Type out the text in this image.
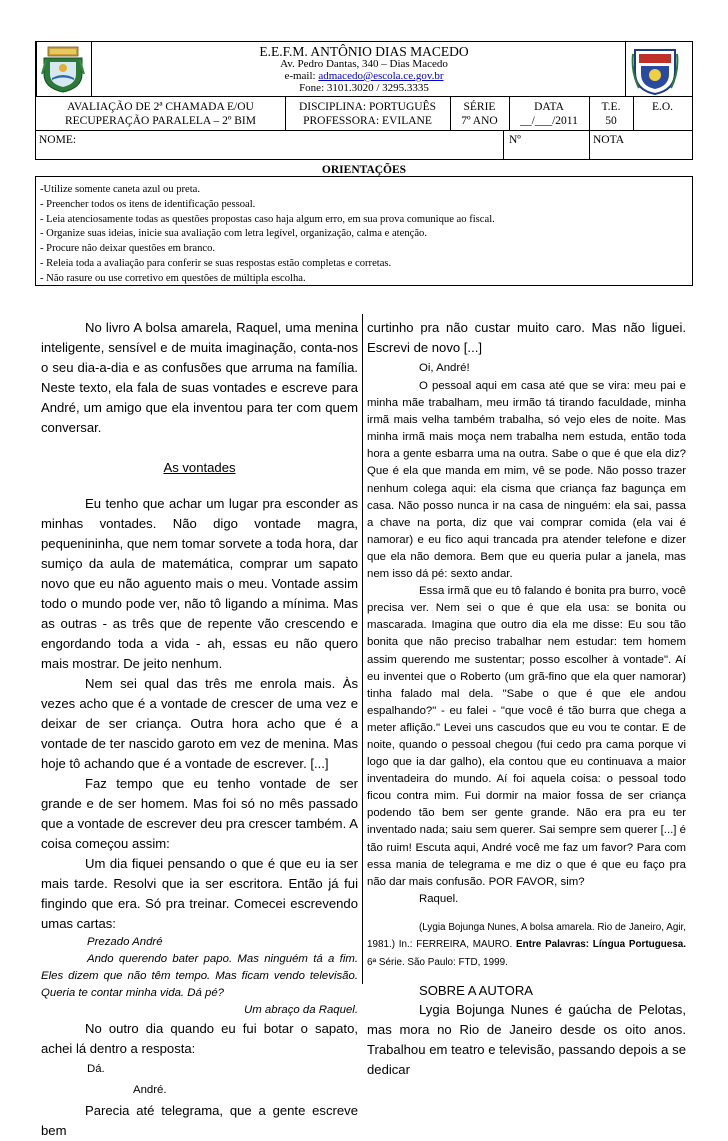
E.E.F.M. ANTÔNIO DIAS MACEDO
Av. Pedro Dantas, 340 – Dias Macedo
e-mail: admacedo@escola.ce.gov.br
Fone: 3101.3020 / 3295.3335
AVALIAÇÃO DE 2ª CHAMADA E/OU
RECUPERAÇÃO PARALELA – 2º BIM
DISCIPLINA: PORTUGUÊS
PROFESSORA: EVILANE
SÉRIE
7º ANO
DATA
__/___/2011
T.E.
50
E.O.
NOME:	Nº	NOTA
ORIENTAÇÕES
-Utilize somente caneta azul ou preta.
- Preencher todos os itens de identificação pessoal.
- Leia atenciosamente todas as questões propostas caso haja algum erro, em sua prova comunique ao fiscal.
- Organize suas ideias, inicie sua avaliação com letra legível, organização, calma e atenção.
- Procure não deixar questões em branco.
- Releia toda a avaliação para conferir se suas respostas estão completas e corretas.
- Não rasure ou use corretivo em questões de múltipla escolha.

No livro A bolsa amarela, Raquel, uma menina inteligente, sensível e de muita imaginação, conta-nos o seu dia-a-dia e as confusões que arruma na família. Neste texto, ela fala de suas vontades e escreve para André, um amigo que ela inventou para ter com quem conversar.

As vontades

Eu tenho que achar um lugar pra esconder as minhas vontades. Não digo vontade magra, pequenininha, que nem tomar sorvete a toda hora, dar sumiço da aula de matemática, comprar um sapato novo que eu não aguento mais o meu. Vontade assim todo o mundo pode ver, não tô ligando a mínima. Mas as outras - as três que de repente vão crescendo e engordando toda a vida - ah, essas eu não quero mais mostrar. De jeito nenhum.

Nem sei qual das três me enrola mais. Às vezes acho que é a vontade de crescer de uma vez e deixar de ser criança. Outra hora acho que é a vontade de ter nascido garoto em vez de menina. Mas hoje tô achando que é a vontade de escrever. [...]

Faz tempo que eu tenho vontade de ser grande e de ser homem. Mas foi só no mês passado que a vontade de escrever deu pra crescer também. A coisa começou assim:

Um dia fiquei pensando o que é que eu ia ser mais tarde. Resolvi que ia ser escritora. Então já fui fingindo que era. Só pra treinar. Comecei escrevendo umas cartas:

Prezado André

Ando querendo bater papo. Mas ninguém tá a fim. Eles dizem que não têm tempo. Mas ficam vendo televisão. Queria te contar minha vida. Dá pé?

Um abraço da Raquel.

No outro dia quando eu fui botar o sapato, achei lá dentro a resposta:

Dá.

André.

Parecia até telegrama, que a gente escreve bem

curtinho pra não custar muito caro. Mas não liguei. Escrevi de novo [...]

Oi, André!

O pessoal aqui em casa até que se vira: meu pai e minha mãe trabalham, meu irmão tá tirando faculdade, minha irmã mais velha também trabalha, só vejo eles de noite. Mas minha irmã mais moça nem trabalha nem estuda, então toda hora a gente esbarra uma na outra. Sabe o que é que ela diz? Que é ela que manda em mim, vê se pode. Não posso trazer nenhum colega aqui: ela cisma que criança faz bagunça em casa. Não posso nunca ir na casa de ninguém: ela sai, passa a chave na porta, diz que vai comprar comida (ela vai é namorar) e eu fico aqui trancada pra atender telefone e dizer que ela não demora. Bem que eu queria pular a janela, mas nem isso dá pé: sexto andar.

Essa irmã que eu tô falando é bonita pra burro, você precisa ver. Nem sei o que é que ela usa: se bonita ou mascarada. Imagina que outro dia ela me disse: Eu sou tão bonita que não preciso trabalhar nem estudar: tem homem assim querendo me sustentar; posso escolher à vontade". Aí eu inventei que o Roberto (um grã-fino que ela quer namorar) tinha falado mal dela. "Sabe o que é que ele andou espalhando?" - eu falei - "que você é tão burra que chega a meter aflição." Levei uns cascudos que eu vou te contar. E de noite, quando o pessoal chegou (fui cedo pra cama porque vi logo que ia dar galho), ela contou que eu continuava a maior inventadeira do mundo. Aí foi aquela coisa: o pessoal todo ficou contra mim. Fui dormir na maior fossa de ser criança podendo tão bem ser gente grande. Não era pra eu ter inventado nada; saiu sem querer. Sai sempre sem querer [...] é tão ruim! Escuta aqui, André você me faz um favor? Para com essa mania de telegrama e me diz o que é que eu faço pra não dar mais confusão. POR FAVOR, sim?

Raquel.

(Lygia Bojunga Nunes, A bolsa amarela. Rio de Janeiro, Agir, 1981.) In.: FERREIRA, MAURO. Entre Palavras: Língua Portuguesa. 6ª Série. São Paulo: FTD, 1999.

SOBRE A AUTORA

Lygia Bojunga Nunes é gaúcha de Pelotas, mas mora no Rio de Janeiro desde os oito anos. Trabalhou em teatro e televisão, passando depois a se dedicar
